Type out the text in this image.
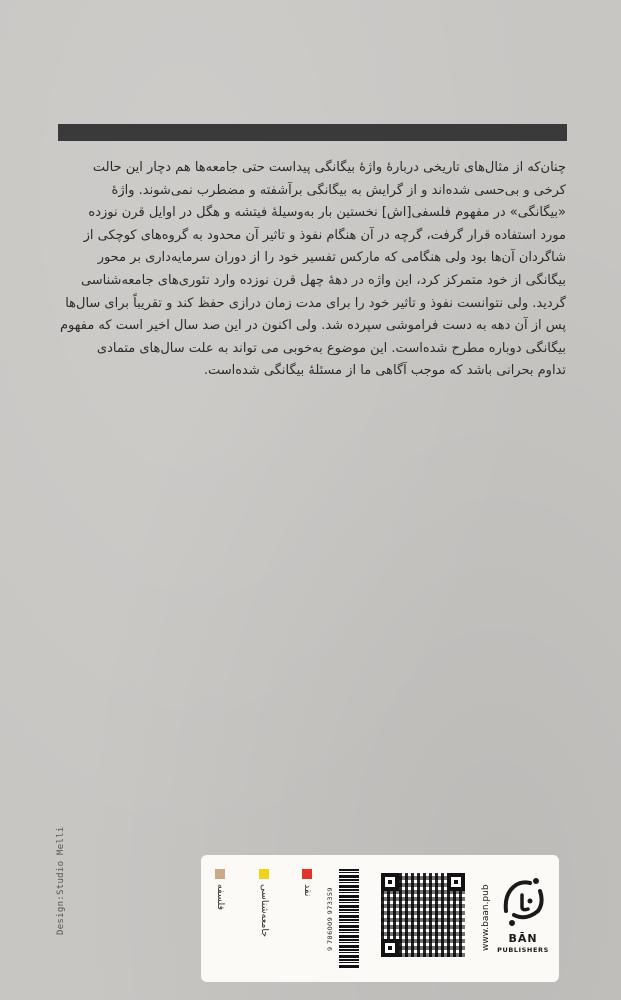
چنان‌که از مثال‌های تاریخی دربارهٔ واژهٔ بیگانگی پیداست حتی جامعه‌ها هم دچار این حالت
کرخی و بی‌حسی شده‌اند و از گرایش به بیگانگی برآشفته و مضطرب نمی‌شوند. واژهٔ
«بیگانگی» در مفهوم فلسفی[اش] نخستین بار به‌وسیلهٔ فیتشه و هگل در اوایل قرن نوزده
مورد استفاده قرار گرفت، گرچه در آن هنگام نفوذ و تاثیر آن محدود به گروه‌های کوچکی از
شاگردان آن‌ها بود ولی هنگامی که مارکس تفسیر خود را از دوران سرمایه‌داری بر محور
بیگانگی از خود متمرکز کرد، این واژه در دههٔ چهل قرن نوزده وارد تئوری‌های جامعه‌شناسی
گردید. ولی نتوانست نفوذ و تاثیر خود را برای مدت زمان درازی حفظ کند و تقریباً برای سال‌ها
پس از آن دهه به دست فراموشی سپرده شد. ولی اکنون در این صد سال اخیر است که مفهوم
بیگانگی دوباره مطرح شده‌است. این موضوع به‌خوبی می‌ تواند به علت سال‌های متمادی
تداوم بحرانی باشد که موجب آگاهی ما از مسئلهٔ بیگانگی شده‌است.
Design:Studio Melli	فلسفه	جامعه‌شناسی	نقد 9 786009 973359	www.baan.pub	BĀN
PUBLISHERS
